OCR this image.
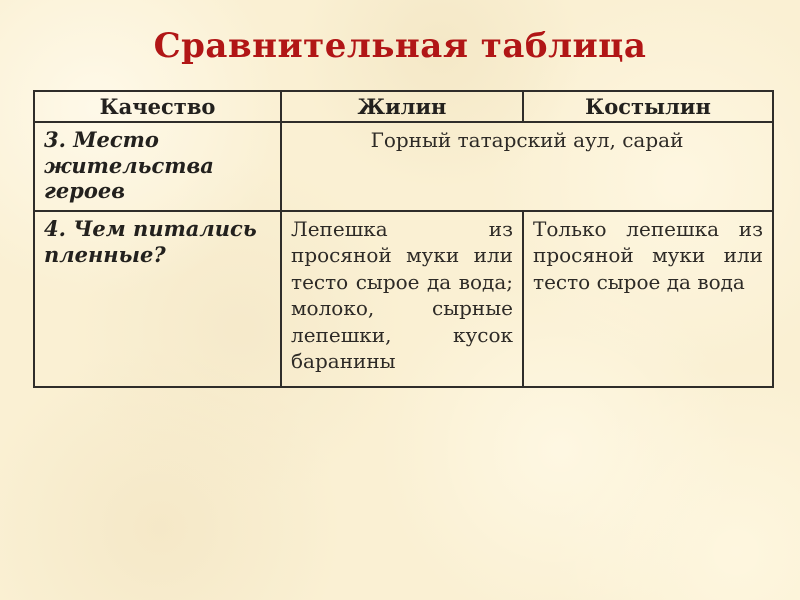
Сравнительная таблица
Качество	Жилин	Костылин
3. Место жительства героев	Горный татарский аул, сарай	
4. Чем питались пленные?	Лепешка из просяной муки или тесто сырое да вода; молоко, сырные лепешки, кусок баранины	Только лепешка из просяной муки или тесто сырое да вода
